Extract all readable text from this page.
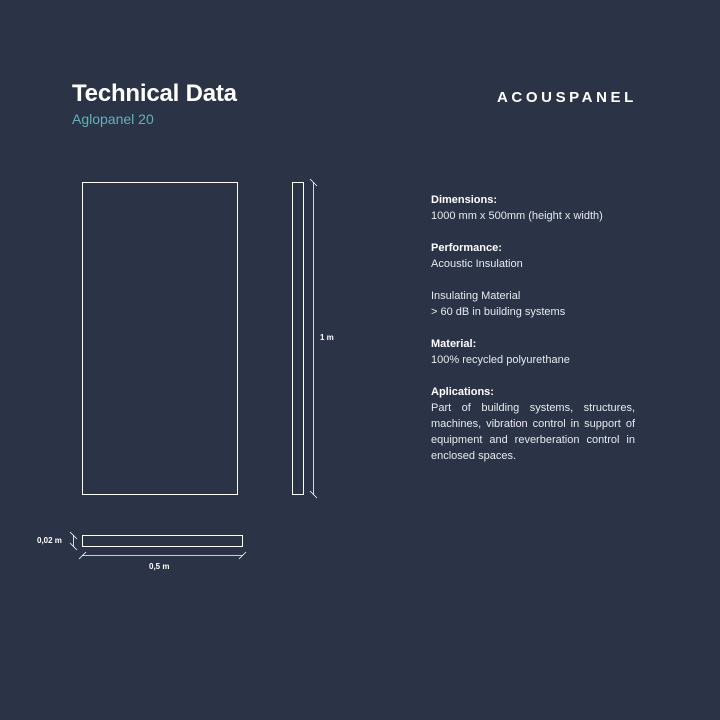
Technical Data
Aglopanel 20
ACOUSPANEL
1 m
0,02 m
0,5 m
Dimensions:
1000 mm x 500mm (height x width)
Performance:
Acoustic Insulation
Insulating Material
> 60 dB in building systems
Material:
100% recycled polyurethane
Aplications:
Part of building systems, structures, machines, vibration control in support of equipment and reverberation control in enclosed spaces.
